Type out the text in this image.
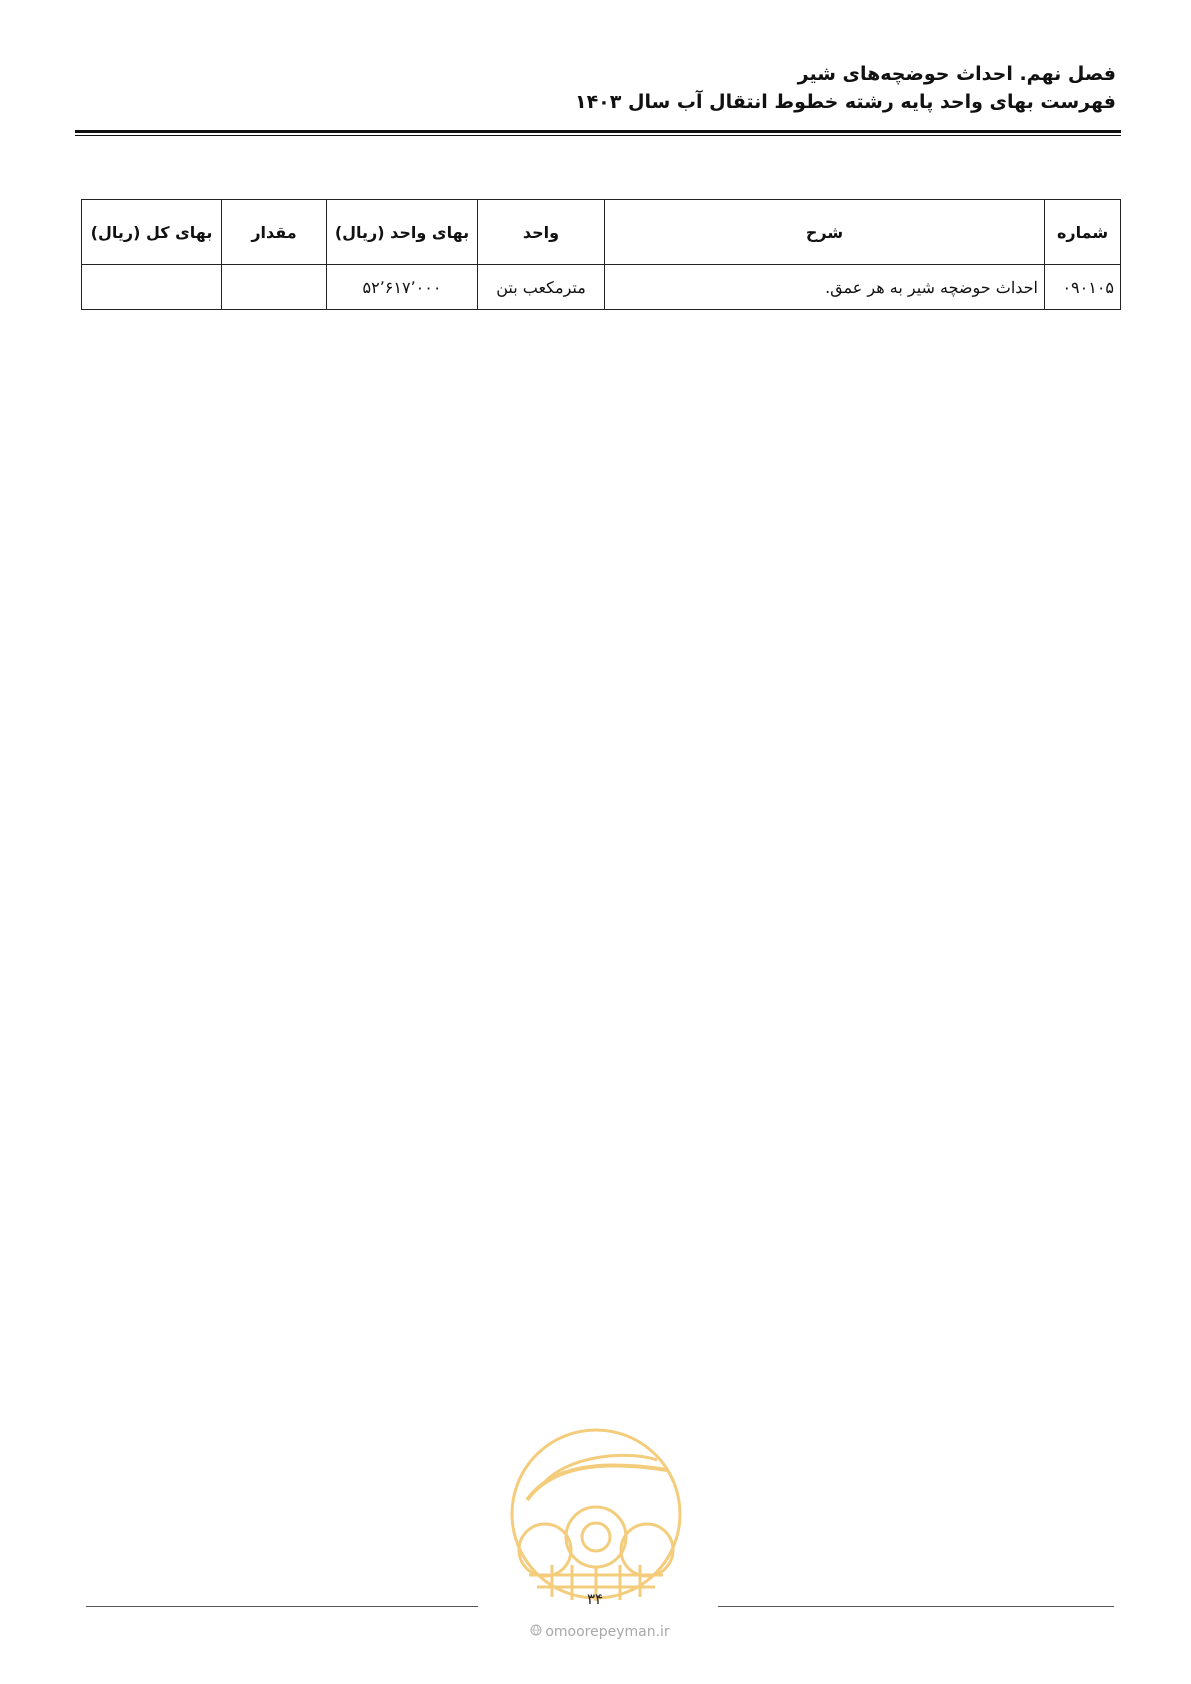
فصل نهم. احداث حوضچه‌های شیر
فهرست بهای واحد پایه رشته خطوط انتقال آب سال ۱۴۰۳
شماره	شرح	واحد	بهای واحد (ریال)	مقدار	بهای کل (ریال)
۰۹۰۱۰۵	احداث حوضچه شیر به هر عمق.	مترمکعب بتن	۵۲٬۶۱۷٬۰۰۰		
۳۴
omoorepeyman.ir
